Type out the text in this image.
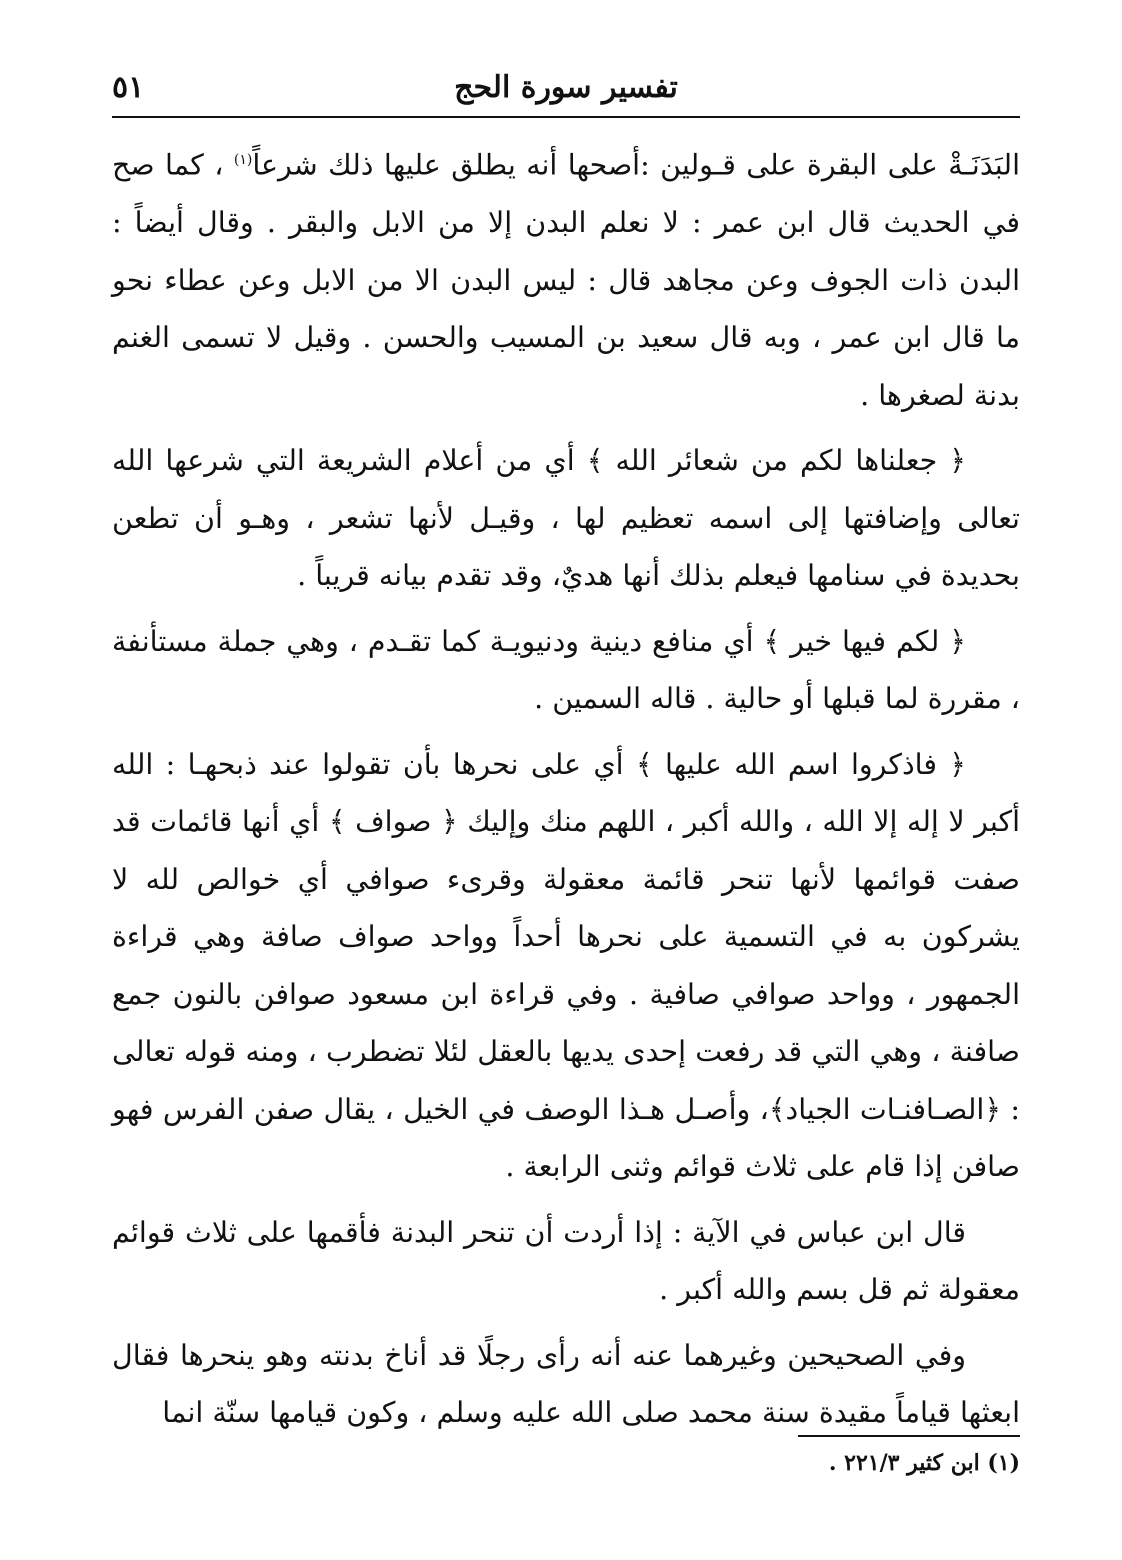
تفسير سورة الحج
٥١

البَدَنَـةْ على البقرة على قـولين :أصحها أنه يطلق عليها ذلك شرعاً$^{(١)}$ ، كما صح في الحديث قال ابن عمر : لا نعلم البدن إلا من الابل والبقر . وقال أيضاً : البدن ذات الجوف وعن مجاهد قال : ليس البدن الا من الابل وعن عطاء نحو ما قال ابن عمر ، وبه قال سعيد بن المسيب والحسن . وقيل لا تسمى الغنم بدنة لصغرها .

﴿ جعلناها لكم من شعائر الله ﴾ أي من أعلام الشريعة التي شرعها الله تعالى وإضافتها إلى اسمه تعظيم لها ، وقيـل لأنها تشعر ، وهـو أن تطعن بحديدة في سنامها فيعلم بذلك أنها هديٌ، وقد تقدم بيانه قريباً .

﴿ لكم فيها خير ﴾ أي منافع دينية ودنيويـة كما تقـدم ، وهي جملة مستأنفة ، مقررة لما قبلها أو حالية . قاله السمين .

﴿ فاذكروا اسم الله عليها ﴾ أي على نحرها بأن تقولوا عند ذبحهـا : الله أكبر لا إله إلا الله ، والله أكبر ، اللهم منك وإليك ﴿ صواف ﴾ أي أنها قائمات قد صفت قوائمها لأنها تنحر قائمة معقولة وقرىء صوافي أي خوالص لله لا يشركون به في التسمية على نحرها أحداً وواحد صواف صافة وهي قراءة الجمهور ، وواحد صوافي صافية . وفي قراءة ابن مسعود صوافن بالنون جمع صافنة ، وهي التي قد رفعت إحدى يديها بالعقل لئلا تضطرب ، ومنه قوله تعالى : ﴿الصـافنـات الجياد﴾، وأصـل هـذا الوصف في الخيل ، يقال صفن الفرس فهو صافن إذا قام على ثلاث قوائم وثنى الرابعة .

قال ابن عباس في الآية : إذا أردت أن تنحر البدنة فأقمها على ثلاث قوائم معقولة ثم قل بسم والله أكبر .

وفي الصحيحين وغيرهما عنه أنه رأى رجلًا قد أناخ بدنته وهو ينحرها فقال ابعثها قياماً مقيدة سنة محمد صلى الله عليه وسلم ، وكون قيامها سنّة انما

(١) ابن كثير ٢٢١/٣ .
